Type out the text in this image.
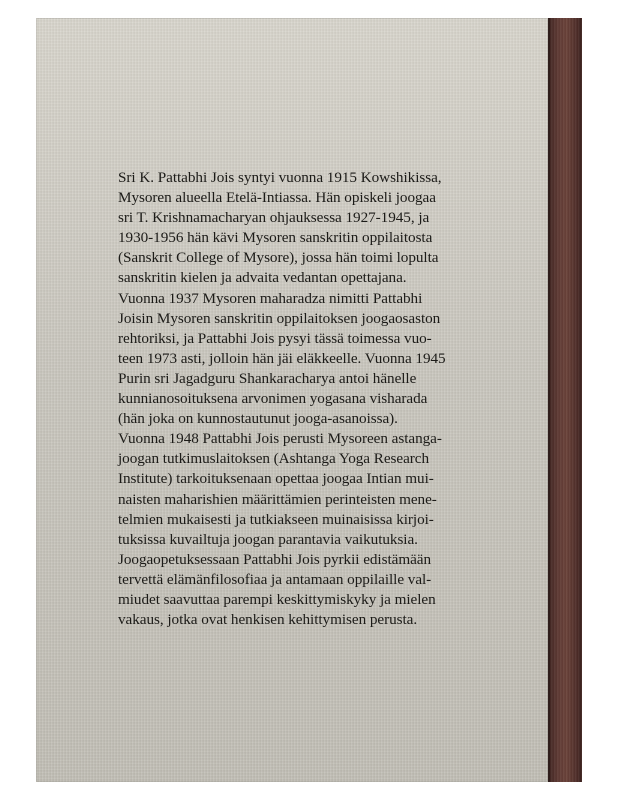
Sri K. Pattabhi Jois syntyi vuonna 1915 Kowshikissa,
Mysoren alueella Etelä-Intiassa. Hän opiskeli joogaa
sri T. Krishnamacharyan ohjauksessa 1927-1945, ja
1930-1956 hän kävi Mysoren sanskritin oppilaitosta
(Sanskrit College of Mysore), jossa hän toimi lopulta
sanskritin kielen ja advaita vedantan opettajana.
Vuonna 1937 Mysoren maharadza nimitti Pattabhi
Joisin Mysoren sanskritin oppilaitoksen joogaosaston
rehtoriksi, ja Pattabhi Jois pysyi tässä toimessa vuo-
teen 1973 asti, jolloin hän jäi eläkkeelle. Vuonna 1945
Purin sri Jagadguru Shankaracharya antoi hänelle
kunnianosoituksena arvonimen yogasana visharada
(hän joka on kunnostautunut jooga-asanoissa).
Vuonna 1948 Pattabhi Jois perusti Mysoreen astanga-
joogan tutkimuslaitoksen (Ashtanga Yoga Research
Institute) tarkoituksenaan opettaa joogaa Intian mui-
naisten maharishien määrittämien perinteisten mene-
telmien mukaisesti ja tutkiakseen muinaisissa kirjoi-
tuksissa kuvailtuja joogan parantavia vaikutuksia.
Joogaopetuksessaan Pattabhi Jois pyrkii edistämään
tervettä elämänfilosofiaa ja antamaan oppilaille val-
miudet saavuttaa parempi keskittymiskyky ja mielen
vakaus, jotka ovat henkisen kehittymisen perusta.
